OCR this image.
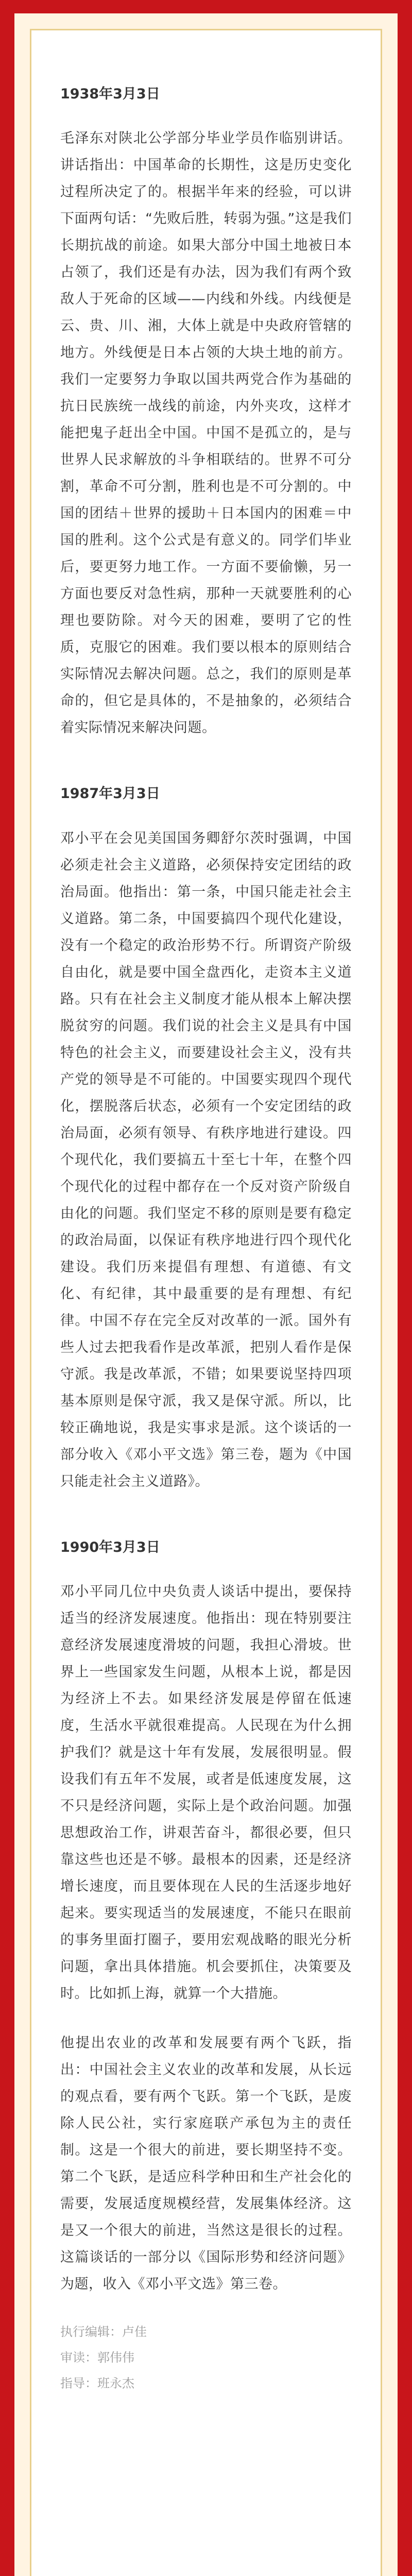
1938年3月3日

毛泽东对陕北公学部分毕业学员作临别讲话。讲话指出：中国革命的长期性，这是历史变化过程所决定了的。根据半年来的经验，可以讲下面两句话：“先败后胜，转弱为强。”这是我们长期抗战的前途。如果大部分中国土地被日本占领了，我们还是有办法，因为我们有两个致敌人于死命的区域——内线和外线。内线便是云、贵、川、湘，大体上就是中央政府管辖的地方。外线便是日本占领的大块土地的前方。我们一定要努力争取以国共两党合作为基础的抗日民族统一战线的前途，内外夹攻，这样才能把鬼子赶出全中国。中国不是孤立的，是与世界人民求解放的斗争相联结的。世界不可分割，革命不可分割，胜利也是不可分割的。中国的团结＋世界的援助＋日本国内的困难＝中国的胜利。这个公式是有意义的。同学们毕业后，要更努力地工作。一方面不要偷懒，另一方面也要反对急性病，那种一天就要胜利的心理也要防除。对今天的困难，要明了它的性质，克服它的困难。我们要以根本的原则结合实际情况去解决问题。总之，我们的原则是革命的，但它是具体的，不是抽象的，必须结合着实际情况来解决问题。

1987年3月3日

邓小平在会见美国国务卿舒尔茨时强调，中国必须走社会主义道路，必须保持安定团结的政治局面。他指出：第一条，中国只能走社会主义道路。第二条，中国要搞四个现代化建设，没有一个稳定的政治形势不行。所谓资产阶级自由化，就是要中国全盘西化，走资本主义道路。只有在社会主义制度才能从根本上解决摆脱贫穷的问题。我们说的社会主义是具有中国特色的社会主义，而要建设社会主义，没有共产党的领导是不可能的。中国要实现四个现代化，摆脱落后状态，必须有一个安定团结的政治局面，必须有领导、有秩序地进行建设。四个现代化，我们要搞五十至七十年，在整个四个现代化的过程中都存在一个反对资产阶级自由化的问题。我们坚定不移的原则是要有稳定的政治局面，以保证有秩序地进行四个现代化建设。我们历来提倡有理想、有道德、有文化、有纪律，其中最重要的是有理想、有纪律。中国不存在完全反对改革的一派。国外有些人过去把我看作是改革派，把别人看作是保守派。我是改革派，不错；如果要说坚持四项基本原则是保守派，我又是保守派。所以，比较正确地说，我是实事求是派。这个谈话的一部分收入《邓小平文选》第三卷，题为《中国只能走社会主义道路》。

1990年3月3日

邓小平同几位中央负责人谈话中提出，要保持适当的经济发展速度。他指出：现在特别要注意经济发展速度滑坡的问题，我担心滑坡。世界上一些国家发生问题，从根本上说，都是因为经济上不去。如果经济发展是停留在低速度，生活水平就很难提高。人民现在为什么拥护我们？就是这十年有发展，发展很明显。假设我们有五年不发展，或者是低速度发展，这不只是经济问题，实际上是个政治问题。加强思想政治工作，讲艰苦奋斗，都很必要，但只靠这些也还是不够。最根本的因素，还是经济增长速度，而且要体现在人民的生活逐步地好起来。要实现适当的发展速度，不能只在眼前的事务里面打圈子，要用宏观战略的眼光分析问题，拿出具体措施。机会要抓住，决策要及时。比如抓上海，就算一个大措施。

他提出农业的改革和发展要有两个飞跃，指出：中国社会主义农业的改革和发展，从长远的观点看，要有两个飞跃。第一个飞跃，是废除人民公社，实行家庭联产承包为主的责任制。这是一个很大的前进，要长期坚持不变。第二个飞跃，是适应科学种田和生产社会化的需要，发展适度规模经营，发展集体经济。这是又一个很大的前进，当然这是很长的过程。这篇谈话的一部分以《国际形势和经济问题》为题，收入《邓小平文选》第三卷。

执行编辑：卢佳
审读：郭伟伟
指导：班永杰
